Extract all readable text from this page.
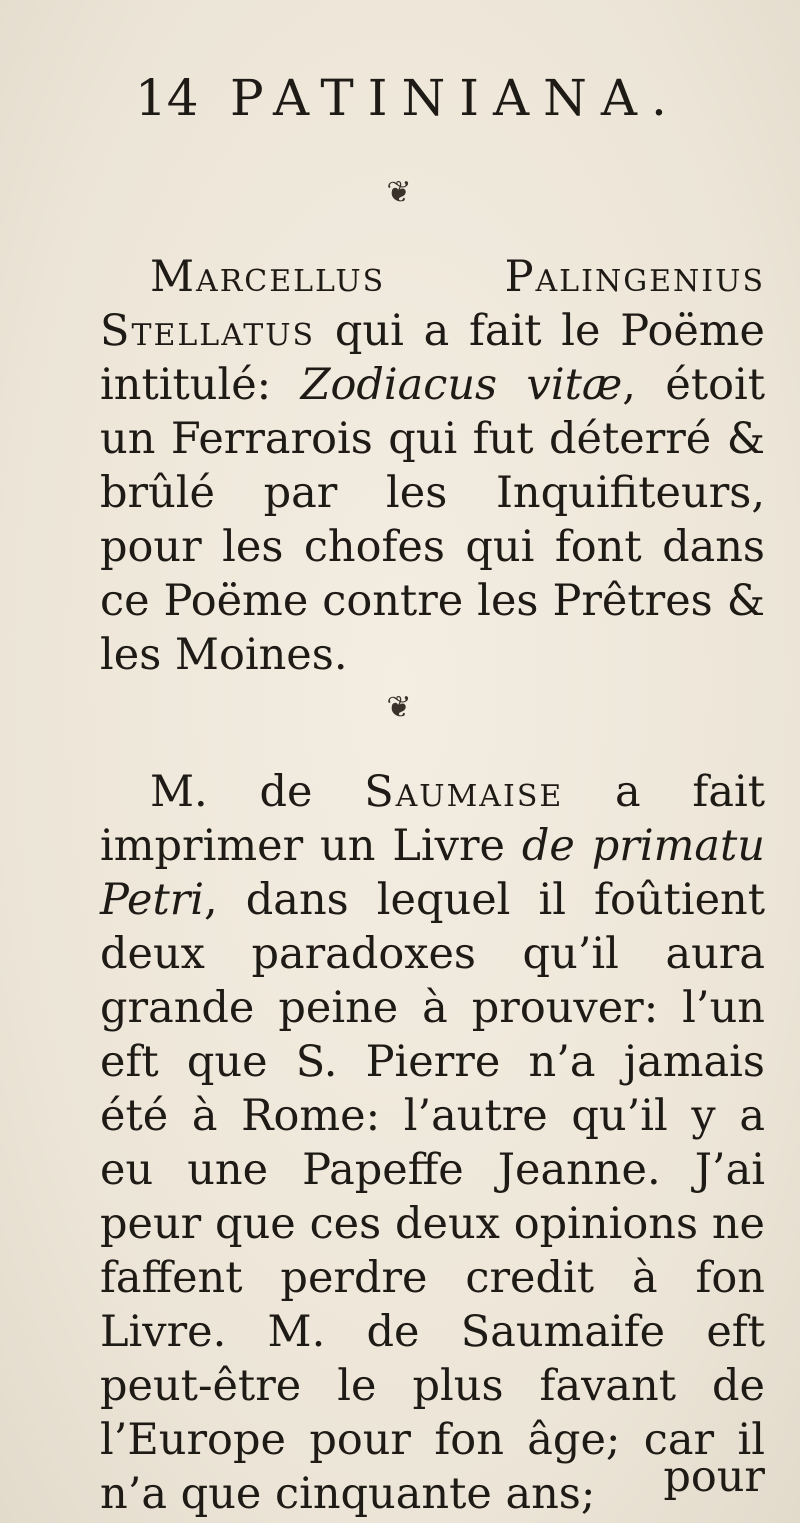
14 PATINIANA.
❦
Marcellus Palingenius Stellatus qui a fait le Poëme intitulé: Zodiacus vitæ, étoit un Ferrarois qui fut déterré & brûlé par les Inquifiteurs, pour les chofes qui font dans ce Poëme contre les Prêtres & les Moines.
❦
M. de Saumaise a fait imprimer un Livre de primatu Petri, dans lequel il foûtient deux paradoxes qu’il aura grande peine à prouver: l’un eft que S. Pierre n’a jamais été à Rome: l’autre qu’il y a eu une Papeffe Jeanne. J’ai peur que ces deux opinions ne faffent perdre credit à fon Livre. M. de Saumaife eft peut-être le plus favant de l’Europe pour fon âge; car il n’a que cinquante ans;	pour
